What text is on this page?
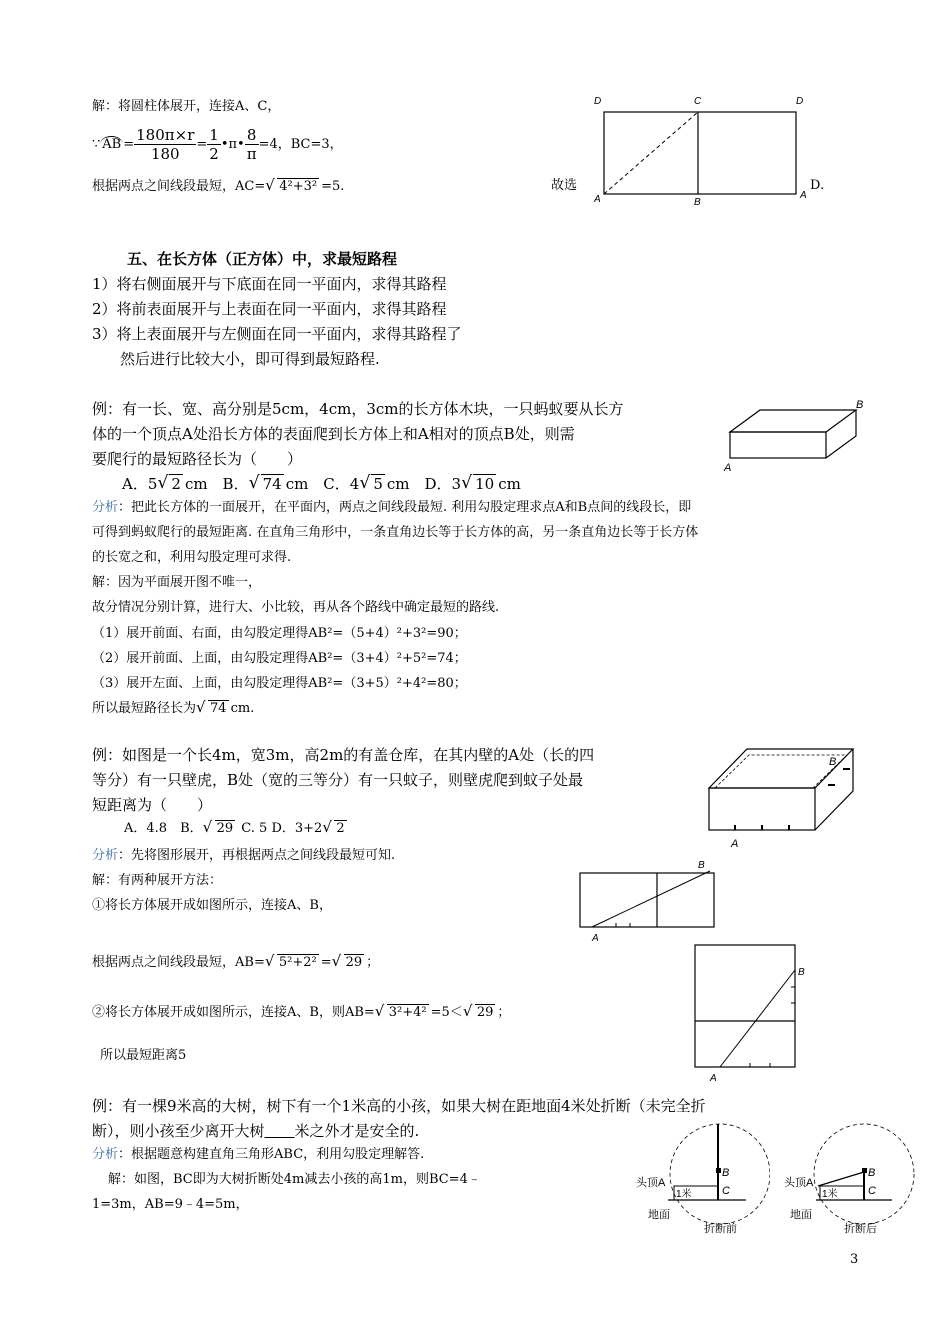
解：将圆柱体展开，连接A、C，
∵ AB = $\frac{180\pi\times r}{180} = \frac{1}{2}$ •π• $\frac{8}{\pi} =4$，BC=3，
根据两点之间线段最短，AC= √ 4²+3² =5.	故选	D.
D	C	D
A	B
A
五、在长方体（正方体）中，求最短路程
1）将右侧面展开与下底面在同一平面内，求得其路程
2）将前表面展开与上表面在同一平面内，求得其路程
3）将上表面展开与左侧面在同一平面内，求得其路程了
然后进行比较大小，即可得到最短路程.
例：有一长、宽、高分别是5cm，4cm，3cm的长方体木块，一只蚂蚁要从长方
体的一个顶点A处沿长方体的表面爬到长方体上和A相对的顶点B处，则需
要爬行的最短路径长为（　　）
A．5 √ 2 cm　B． √ 74 cm　C．4 √ 5 cm　D．3 √ 10 cm
分析：把此长方体的一面展开，在平面内，两点之间线段最短. 利用勾股定理求点A和B点间的线段长，即
可得到蚂蚁爬行的最短距离. 在直角三角形中，一条直角边长等于长方体的高，另一条直角边长等于长方体
的长宽之和，利用勾股定理可求得.
解：因为平面展开图不唯一，
故分情况分别计算，进行大、小比较，再从各个路线中确定最短的路线.
（1）展开前面、右面，由勾股定理得AB²=（5+4）²+3²=90；
（2）展开前面、上面，由勾股定理得AB²=（3+4）²+5²=74；
（3）展开左面、上面，由勾股定理得AB²=（3+5）²+4²=80；
所以最短路径长为 √ 74 cm.
A
B
例：如图是一个长4m，宽3m，高2m的有盖仓库，在其内壁的A处（长的四
等分）有一只壁虎，B处（宽的三等分）有一只蚊子，则壁虎爬到蚊子处最
短距离为（　　）
A．4.8　B． √ 29 C. 5 D．3+2 √ 2
分析：先将图形展开，再根据两点之间线段最短可知.
解：有两种展开方法：
①将长方体展开成如图所示，连接A、B，
根据两点之间线段最短，AB= √ 5²+2² = √ 29 ；
②将长方体展开成如图所示，连接A、B，则AB= √ 3²+4² =5＜ √ 29 ；
所以最短距离5
A
B
A
B
A
B
例：有一棵9米高的大树，树下有一个1米高的小孩，如果大树在距地面4米处折断（未完全折
断），则小孩至少离开大树　　 米之外才是安全的.
分析：根据题意构建直角三角形ABC，利用勾股定理解答.
解：如图，BC即为大树折断处4m减去小孩的高1m，则BC=4﹣
1=3m，AB=9﹣4=5m，
B
C
头顶A
1米
地面
折断前
B
C
头顶A
1米
地面
折断后
3
